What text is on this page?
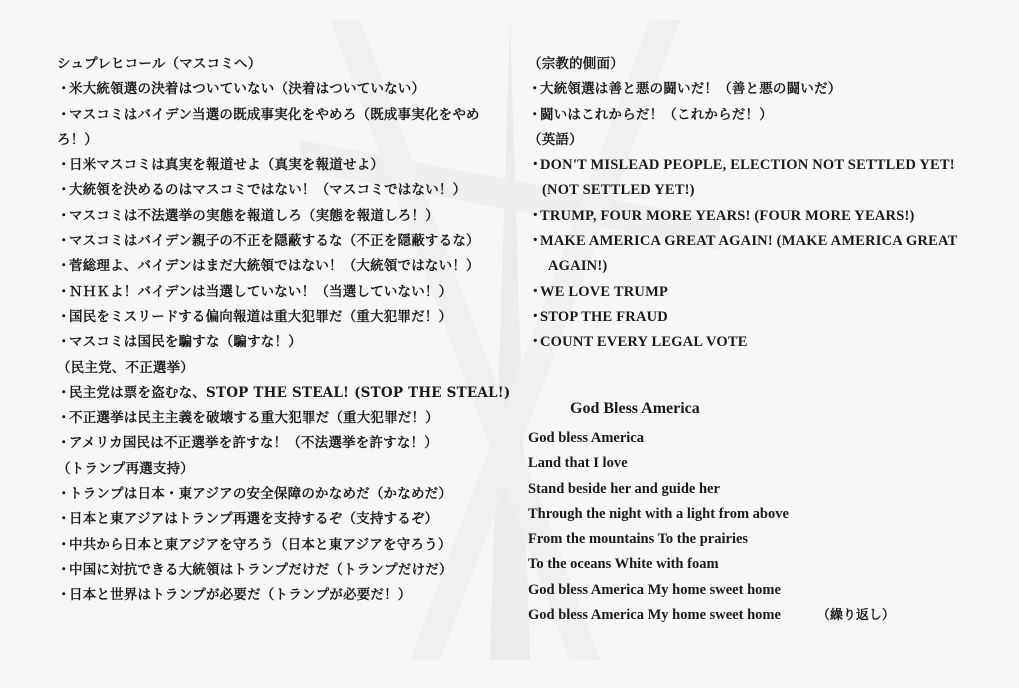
シュプレヒコール（マスコミへ）
・米大統領選の決着はついていない（決着はついていない）
・マスコミはバイデン当選の既成事実化をやめろ（既成事実化をやめ
ろ！）
・日米マスコミは真実を報道せよ（真実を報道せよ）
・大統領を決めるのはマスコミではない！（マスコミではない！）
・マスコミは不法選挙の実態を報道しろ（実態を報道しろ！）
・マスコミはバイデン親子の不正を隠蔽するな（不正を隠蔽するな）
・菅総理よ、バイデンはまだ大統領ではない！（大統領ではない！）
・ＮＨＫよ！バイデンは当選していない！（当選していない！）
・国民をミスリードする偏向報道は重大犯罪だ（重大犯罪だ！）
・マスコミは国民を騙すな（騙すな！）
（民主党、不正選挙）
・民主党は票を盗むな、STOP THE STEAL! (STOP THE STEAL!)
・不正選挙は民主主義を破壊する重大犯罪だ（重大犯罪だ！）
・アメリカ国民は不正選挙を許すな！（不法選挙を許すな！）
（トランプ再選支持）
・トランプは日本・東アジアの安全保障のかなめだ（かなめだ）
・日本と東アジアはトランプ再選を支持するぞ（支持するぞ）
・中共から日本と東アジアを守ろう（日本と東アジアを守ろう）
・中国に対抗できる大統領はトランプだけだ（トランプだけだ）
・日本と世界はトランプが必要だ（トランプが必要だ！）
（宗教的側面）
・大統領選は善と悪の闘いだ！（善と悪の闘いだ）
・闘いはこれからだ！（これからだ！）
（英語）
・DON'T MISLEAD PEOPLE, ELECTION NOT SETTLED YET!
(NOT SETTLED YET!)
・TRUMP, FOUR MORE YEARS! (FOUR MORE YEARS!)
・MAKE AMERICA GREAT AGAIN! (MAKE AMERICA GREAT
AGAIN!)
・WE LOVE TRUMP
・STOP THE FRAUD
・COUNT EVERY LEGAL VOTE
God Bless America
God bless America
Land that I love
Stand beside her and guide her
Through the night with a light from above
From the mountains To the prairies
To the oceans White with foam
God bless America My home sweet home
God bless America My home sweet home	（繰り返し）
